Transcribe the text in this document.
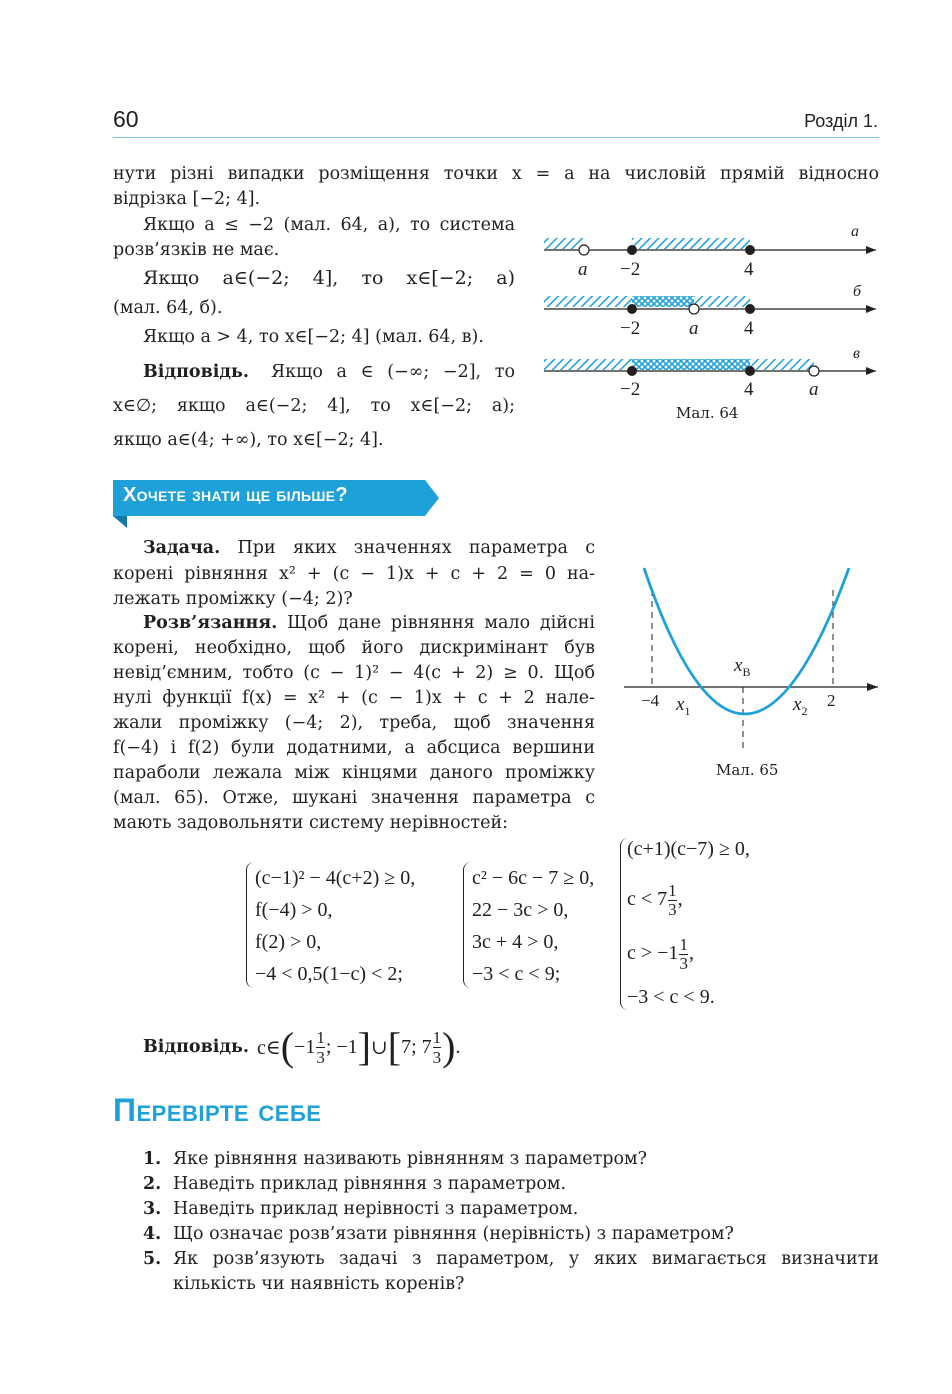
60	Розділ 1.
нути різні випадки розміщення точки x = a на числовій прямій відносно
відрізка [−2; 4].
Якщо a ≤ −2 (мал. 64, а), то система
розв’язків не має.
Якщо a∈(−2; 4], то x∈[−2; a)
(мал. 64, б).
Якщо a > 4, то x∈[−2; 4] (мал. 64, в).
Відповідь. Якщо a ∈ (−∞; −2], то
x∈∅; якщо a∈(−2; 4], то x∈[−2; a);
якщо a∈(4; +∞), то x∈[−2; 4].
а
a −2	4
б
−2	a 4
в
−2	4	a
Мал. 64
Хочете знати ще більше?
Задача. При яких значеннях параметра c
корені рівняння x² + (c − 1)x + c + 2 = 0 на-
лежать проміжку (−4; 2)?
Розв’язання. Щоб дане рівняння мало дійсні
корені, необхідно, щоб його дискримінант був
невід’ємним, тобто (c − 1)² − 4(c + 2) ≥ 0. Щоб
нулі функції f(x) = x² + (c − 1)x + c + 2 нале-
жали проміжку (−4; 2), треба, щоб значення
f(−4) і f(2) були додатними, а абсциса вершини
параболи лежала між кінцями даного проміжку
(мал. 65). Отже, шукані значення параметра c
мають задовольняти систему нерівностей:
−4 $x_1$
$x_В$
$x_2$
2
Мал. 65
(c−1)² − 4(c+2) ≥ 0,
f(−4) > 0,
f(2) > 0,
−4 < 0,5(1−c) < 2;
c² − 6c − 7 ≥ 0,
22 − 3c > 0,
3c + 4 > 0,
−3 < c < 9;
(c+1)(c−7) ≥ 0,
$c < 7 \frac{1}{3}$ ,
$c > -1 \frac{1}{3}$ ,
−3 < c < 9.
Відповідь. c∈ ( −1 1
3 ; −1 ] ∪ [ 7; 7 1
3 ) .
Перевірте себе
1. Яке рівняння називають рівнянням з параметром?
2. Наведіть приклад рівняння з параметром.
3. Наведіть приклад нерівності з параметром.
4. Що означає розв’язати рівняння (нерівність) з параметром?
5. Як розв’язують задачі з параметром, у яких вимагається визначити
кількість чи наявність коренів?
